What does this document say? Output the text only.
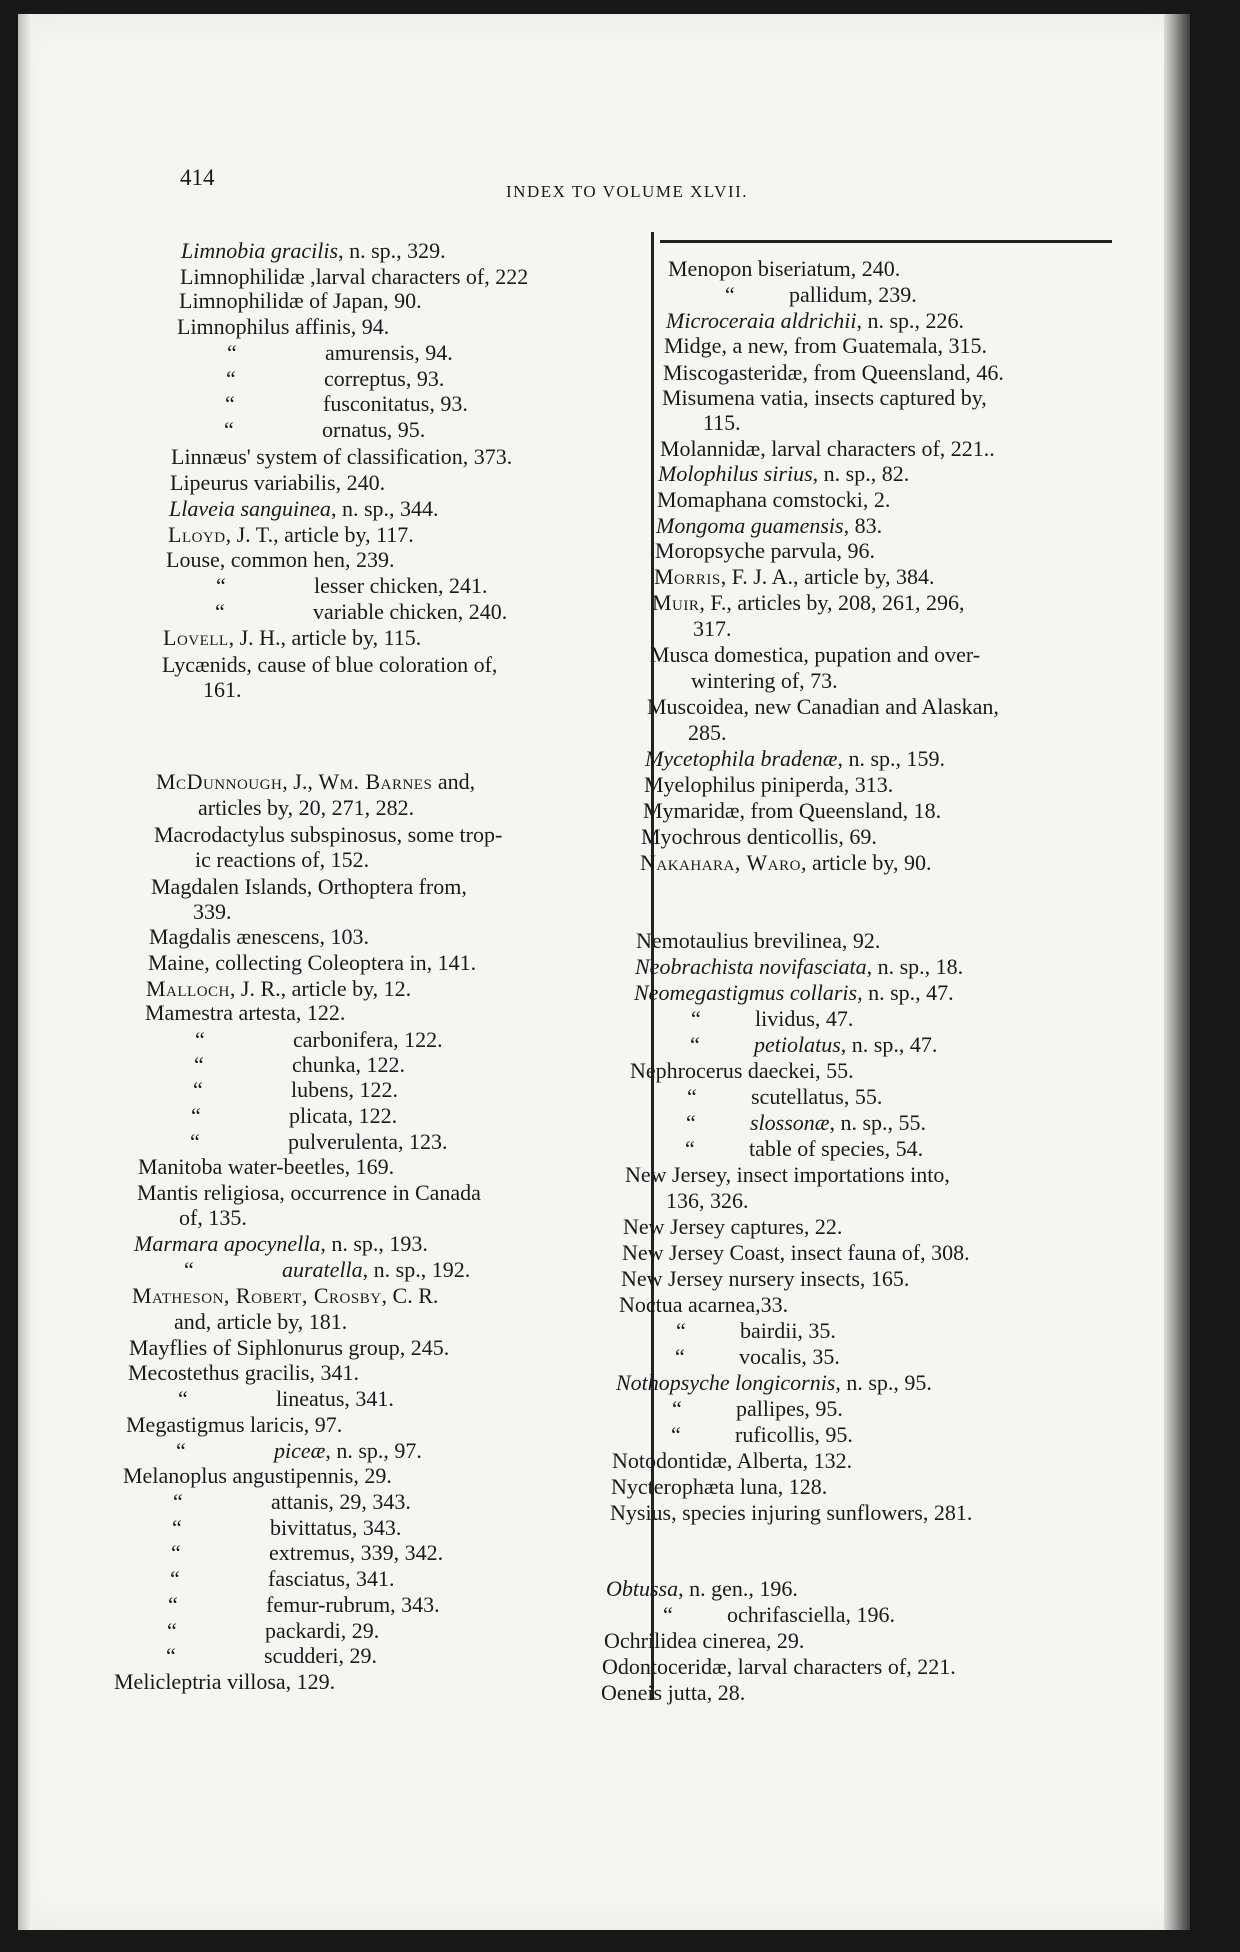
414
INDEX TO VOLUME XLVII.
Limnobia gracilis, n. sp., 329.
Limnophilidæ ,larval characters of, 222
Limnophilidæ of Japan, 90.
Limnophilus affinis, 94.
“	amurensis, 94.
“	correptus, 93.
“	fusconitatus, 93.
“	ornatus, 95.
Linnæus' system of classification, 373.
Lipeurus variabilis, 240.
Llaveia sanguinea, n. sp., 344.
Lloyd, J. T., article by, 117.
Louse, common hen, 239.
“	lesser chicken, 241.
“	variable chicken, 240.
Lovell, J. H., article by, 115.
Lycænids, cause of blue coloration of,
161.
McDunnough, J., Wm. Barnes and,
articles by, 20, 271, 282.
Macrodactylus subspinosus, some trop-
ic reactions of, 152.
Magdalen Islands, Orthoptera from,
339.
Magdalis ænescens, 103.
Maine, collecting Coleoptera in, 141.
Malloch, J. R., article by, 12.
Mamestra artesta, 122.
“	carbonifera, 122.
“	chunka, 122.
“	lubens, 122.
“	plicata, 122.
“	pulverulenta, 123.
Manitoba water-beetles, 169.
Mantis religiosa, occurrence in Canada
of, 135.
Marmara apocynella, n. sp., 193.
“	auratella, n. sp., 192.
Matheson, Robert, Crosby, C. R.
and, article by, 181.
Mayflies of Siphlonurus group, 245.
Mecostethus gracilis, 341.
“	lineatus, 341.
Megastigmus laricis, 97.
“	piceæ, n. sp., 97.
Melanoplus angustipennis, 29.
“	attanis, 29, 343.
“	bivittatus, 343.
“	extremus, 339, 342.
“	fasciatus, 341.
“	femur-rubrum, 343.
“	packardi, 29.
“	scudderi, 29.
Melicleptria villosa, 129.
Menopon biseriatum, 240.
“ pallidum, 239.
Microceraia aldrichii, n. sp., 226.
Midge, a new, from Guatemala, 315.
Miscogasteridæ, from Queensland, 46.
Misumena vatia, insects captured by,
115.
Molannidæ, larval characters of, 221..
Molophilus sirius, n. sp., 82.
Momaphana comstocki, 2.
Mongoma guamensis, 83.
Moropsyche parvula, 96.
Morris, F. J. A., article by, 384.
Muir, F., articles by, 208, 261, 296,
317.
Musca domestica, pupation and over-
wintering of, 73.
Muscoidea, new Canadian and Alaskan,
285.
Mycetophila bradenæ, n. sp., 159.
Myelophilus piniperda, 313.
Mymaridæ, from Queensland, 18.
Myochrous denticollis, 69.
Nakahara, Waro, article by, 90.
Nemotaulius brevilinea, 92.
Neobrachista novifasciata, n. sp., 18.
Neomegastigmus collaris, n. sp., 47.
“ lividus, 47.
“ petiolatus, n. sp., 47.
Nephrocerus daeckei, 55.
“ scutellatus, 55.
“ slossonæ, n. sp., 55.
“ table of species, 54.
New Jersey, insect importations into,
136, 326.
New Jersey captures, 22.
New Jersey Coast, insect fauna of, 308.
New Jersey nursery insects, 165.
Noctua acarnea,33.
“ bairdii, 35.
“ vocalis, 35.
Nothopsyche longicornis, n. sp., 95.
“ pallipes, 95.
“ ruficollis, 95.
Notodontidæ, Alberta, 132.
Nycterophæta luna, 128.
Nysius, species injuring sunflowers, 281.
Obtussa, n. gen., 196.
“ ochrifasciella, 196.
Ochrilidea cinerea, 29.
Odontoceridæ, larval characters of, 221.
Oeneis jutta, 28.
